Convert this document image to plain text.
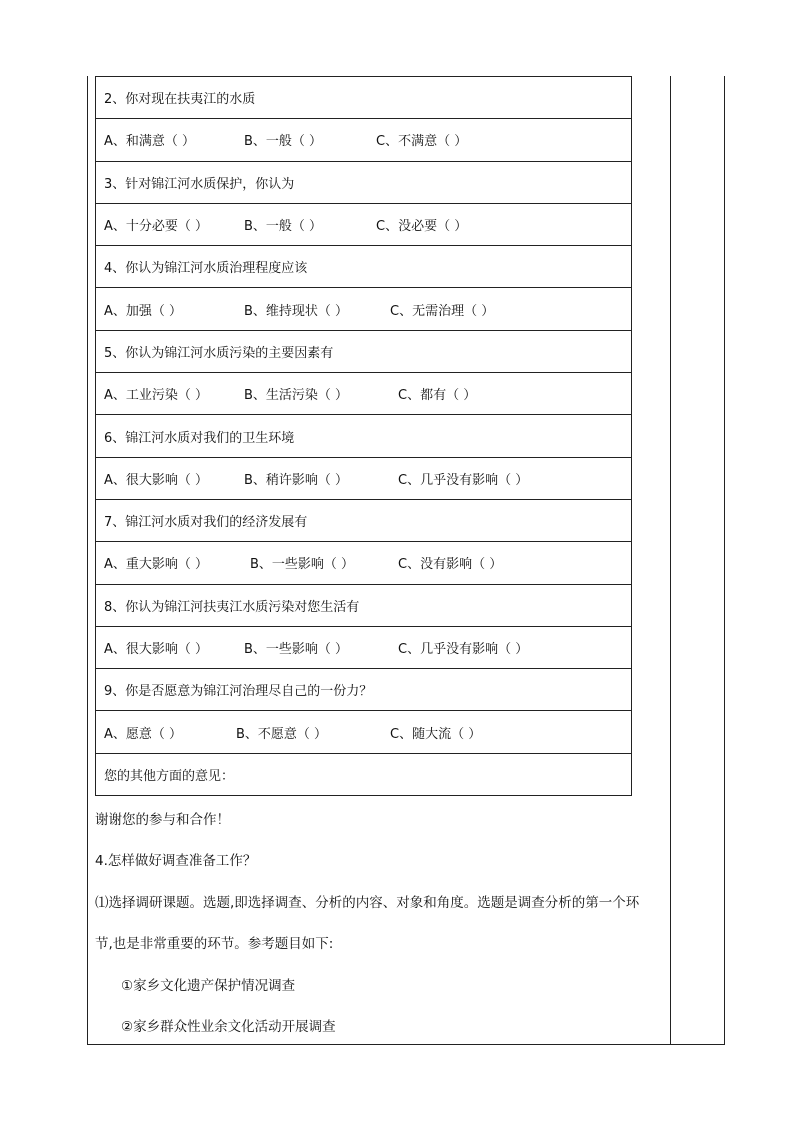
2、你对现在扶夷江的水质
A、和满意（ ）	B、一般（ ）	C、不满意（ ）
3、针对锦江河水质保护，你认为
A、十分必要（ ）	B、一般（ ）	C、没必要（ ）
4、你认为锦江河水质治理程度应该
A、加强（ ）	B、维持现状（ ）	C、无需治理（ ）
5、你认为锦江河水质污染的主要因素有
A、工业污染（ ）	B、生活污染（ ）	C、都有（ ）
6、锦江河水质对我们的卫生环境
A、很大影响（ ）	B、稍许影响（ ）	C、几乎没有影响（ ）
7、锦江河水质对我们的经济发展有
A、重大影响（ ）	B、一些影响（ ）	C、没有影响（ ）
8、你认为锦江河扶夷江水质污染对您生活有
A、很大影响（ ）	B、一些影响（ ）	C、几乎没有影响（ ）
9、你是否愿意为锦江河治理尽自己的一份力？
A、愿意（ ）	B、不愿意（ ）	C、随大流（ ）
您的其他方面的意见：
谢谢您的参与和合作！
4.怎样做好调查准备工作？
⑴选择调研课题。选题,即选择调查、分析的内容、对象和角度。选题是调查分析的第一个环
节,也是非常重要的环节。参考题目如下:
①家乡文化遗产保护情况调查
②家乡群众性业余文化活动开展调查
